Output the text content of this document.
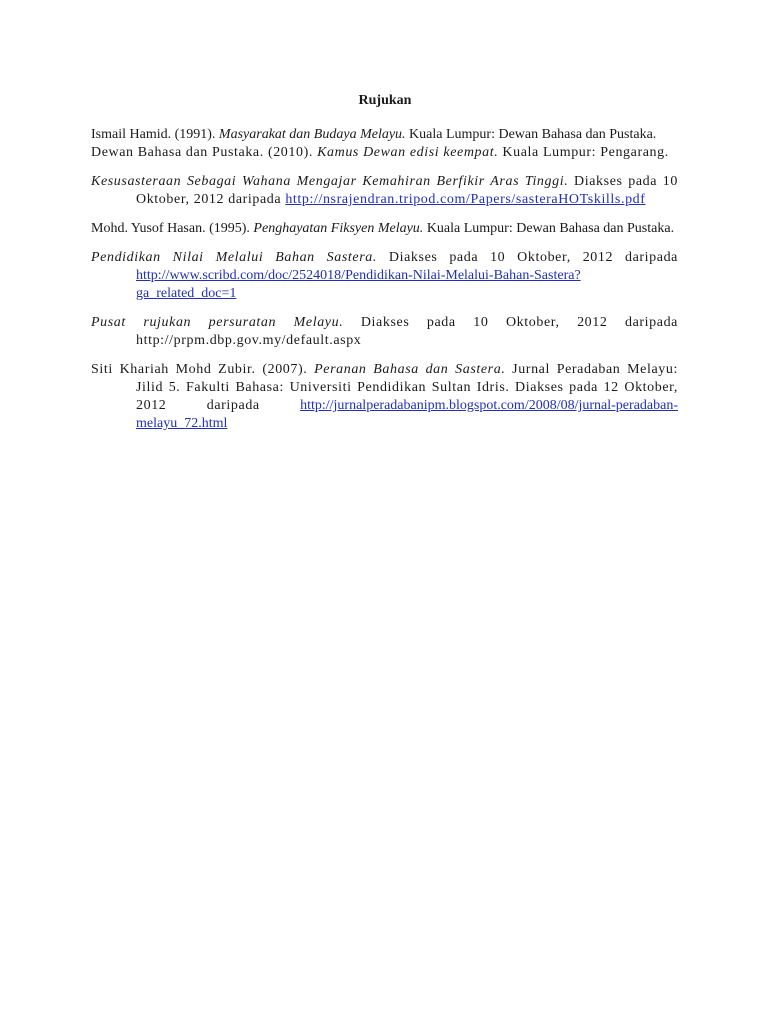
Rujukan
Ismail Hamid. (1991). Masyarakat dan Budaya Melayu. Kuala Lumpur: Dewan Bahasa dan Pustaka.
Dewan Bahasa dan Pustaka. (2010). Kamus Dewan edisi keempat. Kuala Lumpur: Pengarang.
Kesusasteraan Sebagai Wahana Mengajar Kemahiran Berfikir Aras Tinggi. Diakses pada 10 Oktober, 2012 daripada http://nsrajendran.tripod.com/Papers/sasteraHOTskills.pdf
Mohd. Yusof Hasan. (1995). Penghayatan Fiksyen Melayu. Kuala Lumpur: Dewan Bahasa dan Pustaka.
Pendidikan Nilai Melalui Bahan Sastera. Diakses pada 10 Oktober, 2012 daripada http://www.scribd.com/doc/2524018/Pendidikan-Nilai-Melalui-Bahan-Sastera?ga_related_doc=1
Pusat rujukan persuratan Melayu. Diakses pada 10 Oktober, 2012 daripada http://prpm.dbp.gov.my/default.aspx
Siti Khariah Mohd Zubir. (2007). Peranan Bahasa dan Sastera. Jurnal Peradaban Melayu: Jilid 5. Fakulti Bahasa: Universiti Pendidikan Sultan Idris. Diakses pada 12 Oktober, 2012 daripada http://jurnalperadabanipm.blogspot.com/2008/08/jurnal-peradaban-melayu_72.html
